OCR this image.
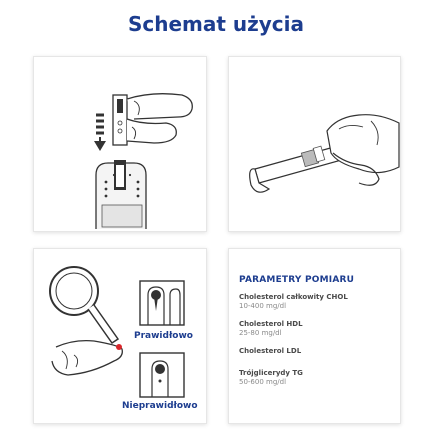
Schemat użycia
Prawidłowo
Nieprawidłowo
PARAMETRY POMIARU
Cholesterol całkowity CHOL
10-400 mg/dl
Cholesterol HDL
25-80 mg/dl
Cholesterol LDL
Trójglicerydy TG
50-600 mg/dl
